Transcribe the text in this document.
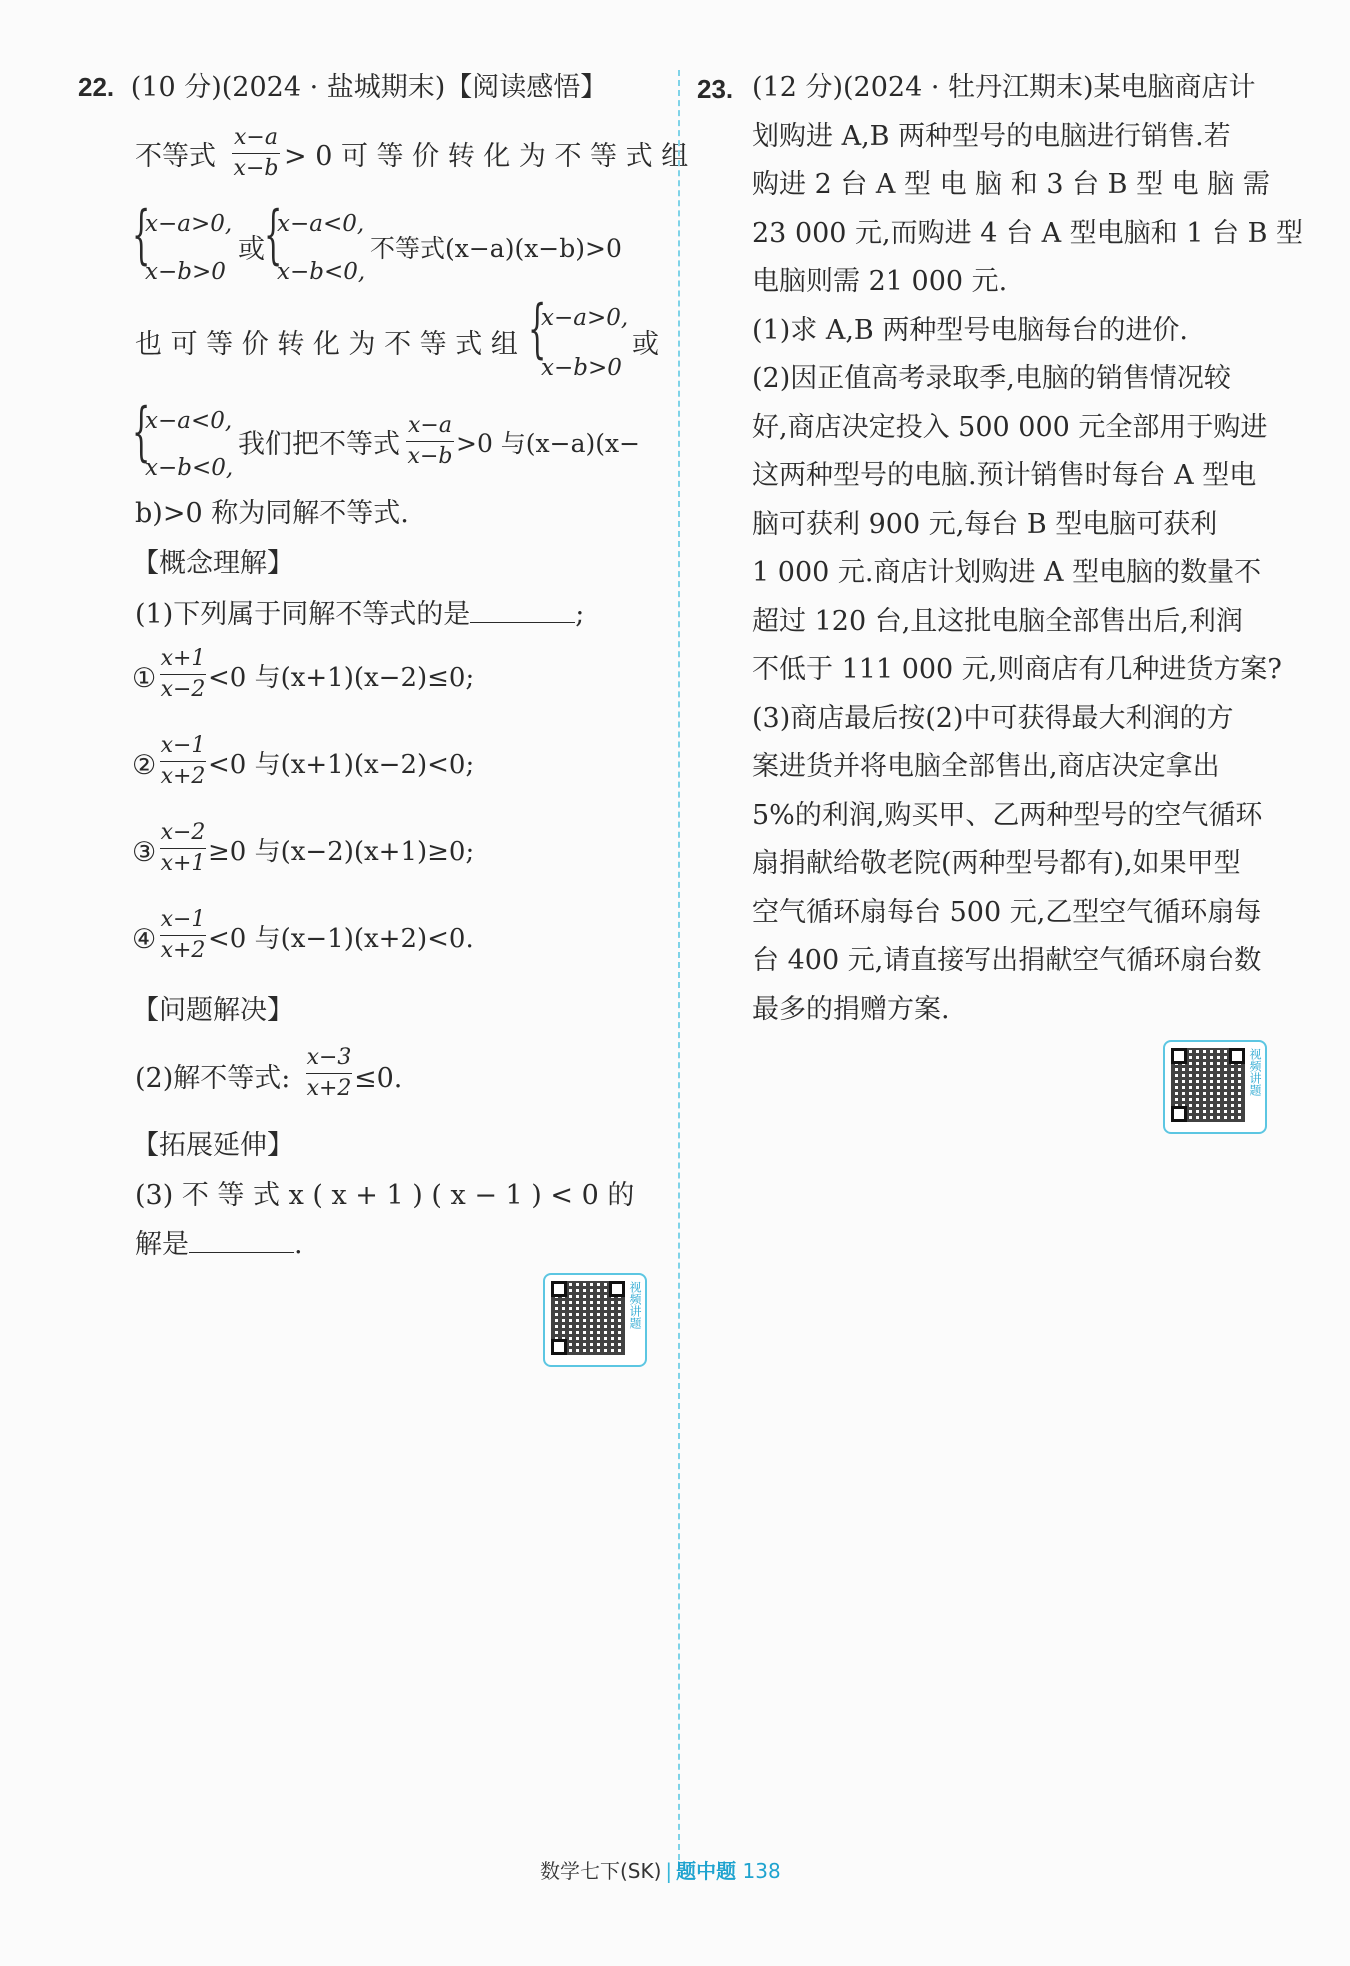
22. (10 分)(2024 · 盐城期末)【阅读感悟】
不等式
x−a
x−b > 0 可 等 价 转 化 为 不 等 式 组
{
x−a>0,
x−b>0
或 {
x−a<0,
x−b<0,
不等式(x−a)(x−b)>0
也 可 等 价 转 化 为 不 等 式 组 {
x−a>0,
x−b>0
或
{
x−a<0,
x−b<0,
我们把不等式
x−a
x−b >0 与(x−a)(x−
b)>0 称为同解不等式.
【概念理解】
(1)下列属于同解不等式的是	;
①
x+1
x−2 <0 与(x+1)(x−2)≤0;
②
x−1
x+2 <0 与(x+1)(x−2)<0;
③
x−2
x+1 ≥0 与(x−2)(x+1)≥0;
④
x−1
x+2 <0 与(x−1)(x+2)<0.
【问题解决】
(2)解不等式:
x−3
x+2 ≤0.
【拓展延伸】
(3) 不 等 式 x ( x + 1 ) ( x − 1 ) < 0 的
解是	.
视频讲题
23. (12 分)(2024 · 牡丹江期末)某电脑商店计
划购进 A,B 两种型号的电脑进行销售.若
购进 2 台 A 型 电 脑 和 3 台 B 型 电 脑 需
23 000 元,而购进 4 台 A 型电脑和 1 台 B 型
电脑则需 21 000 元.
(1)求 A,B 两种型号电脑每台的进价.
(2)因正值高考录取季,电脑的销售情况较
好,商店决定投入 500 000 元全部用于购进
这两种型号的电脑.预计销售时每台 A 型电
脑可获利 900 元,每台 B 型电脑可获利
1 000 元.商店计划购进 A 型电脑的数量不
超过 120 台,且这批电脑全部售出后,利润
不低于 111 000 元,则商店有几种进货方案?
(3)商店最后按(2)中可获得最大利润的方
案进货并将电脑全部售出,商店决定拿出
5%的利润,购买甲、乙两种型号的空气循环
扇捐献给敬老院(两种型号都有),如果甲型
空气循环扇每台 500 元,乙型空气循环扇每
台 400 元,请直接写出捐献空气循环扇台数
最多的捐赠方案.
视频讲题
数学七下(SK) | 题中题 138
